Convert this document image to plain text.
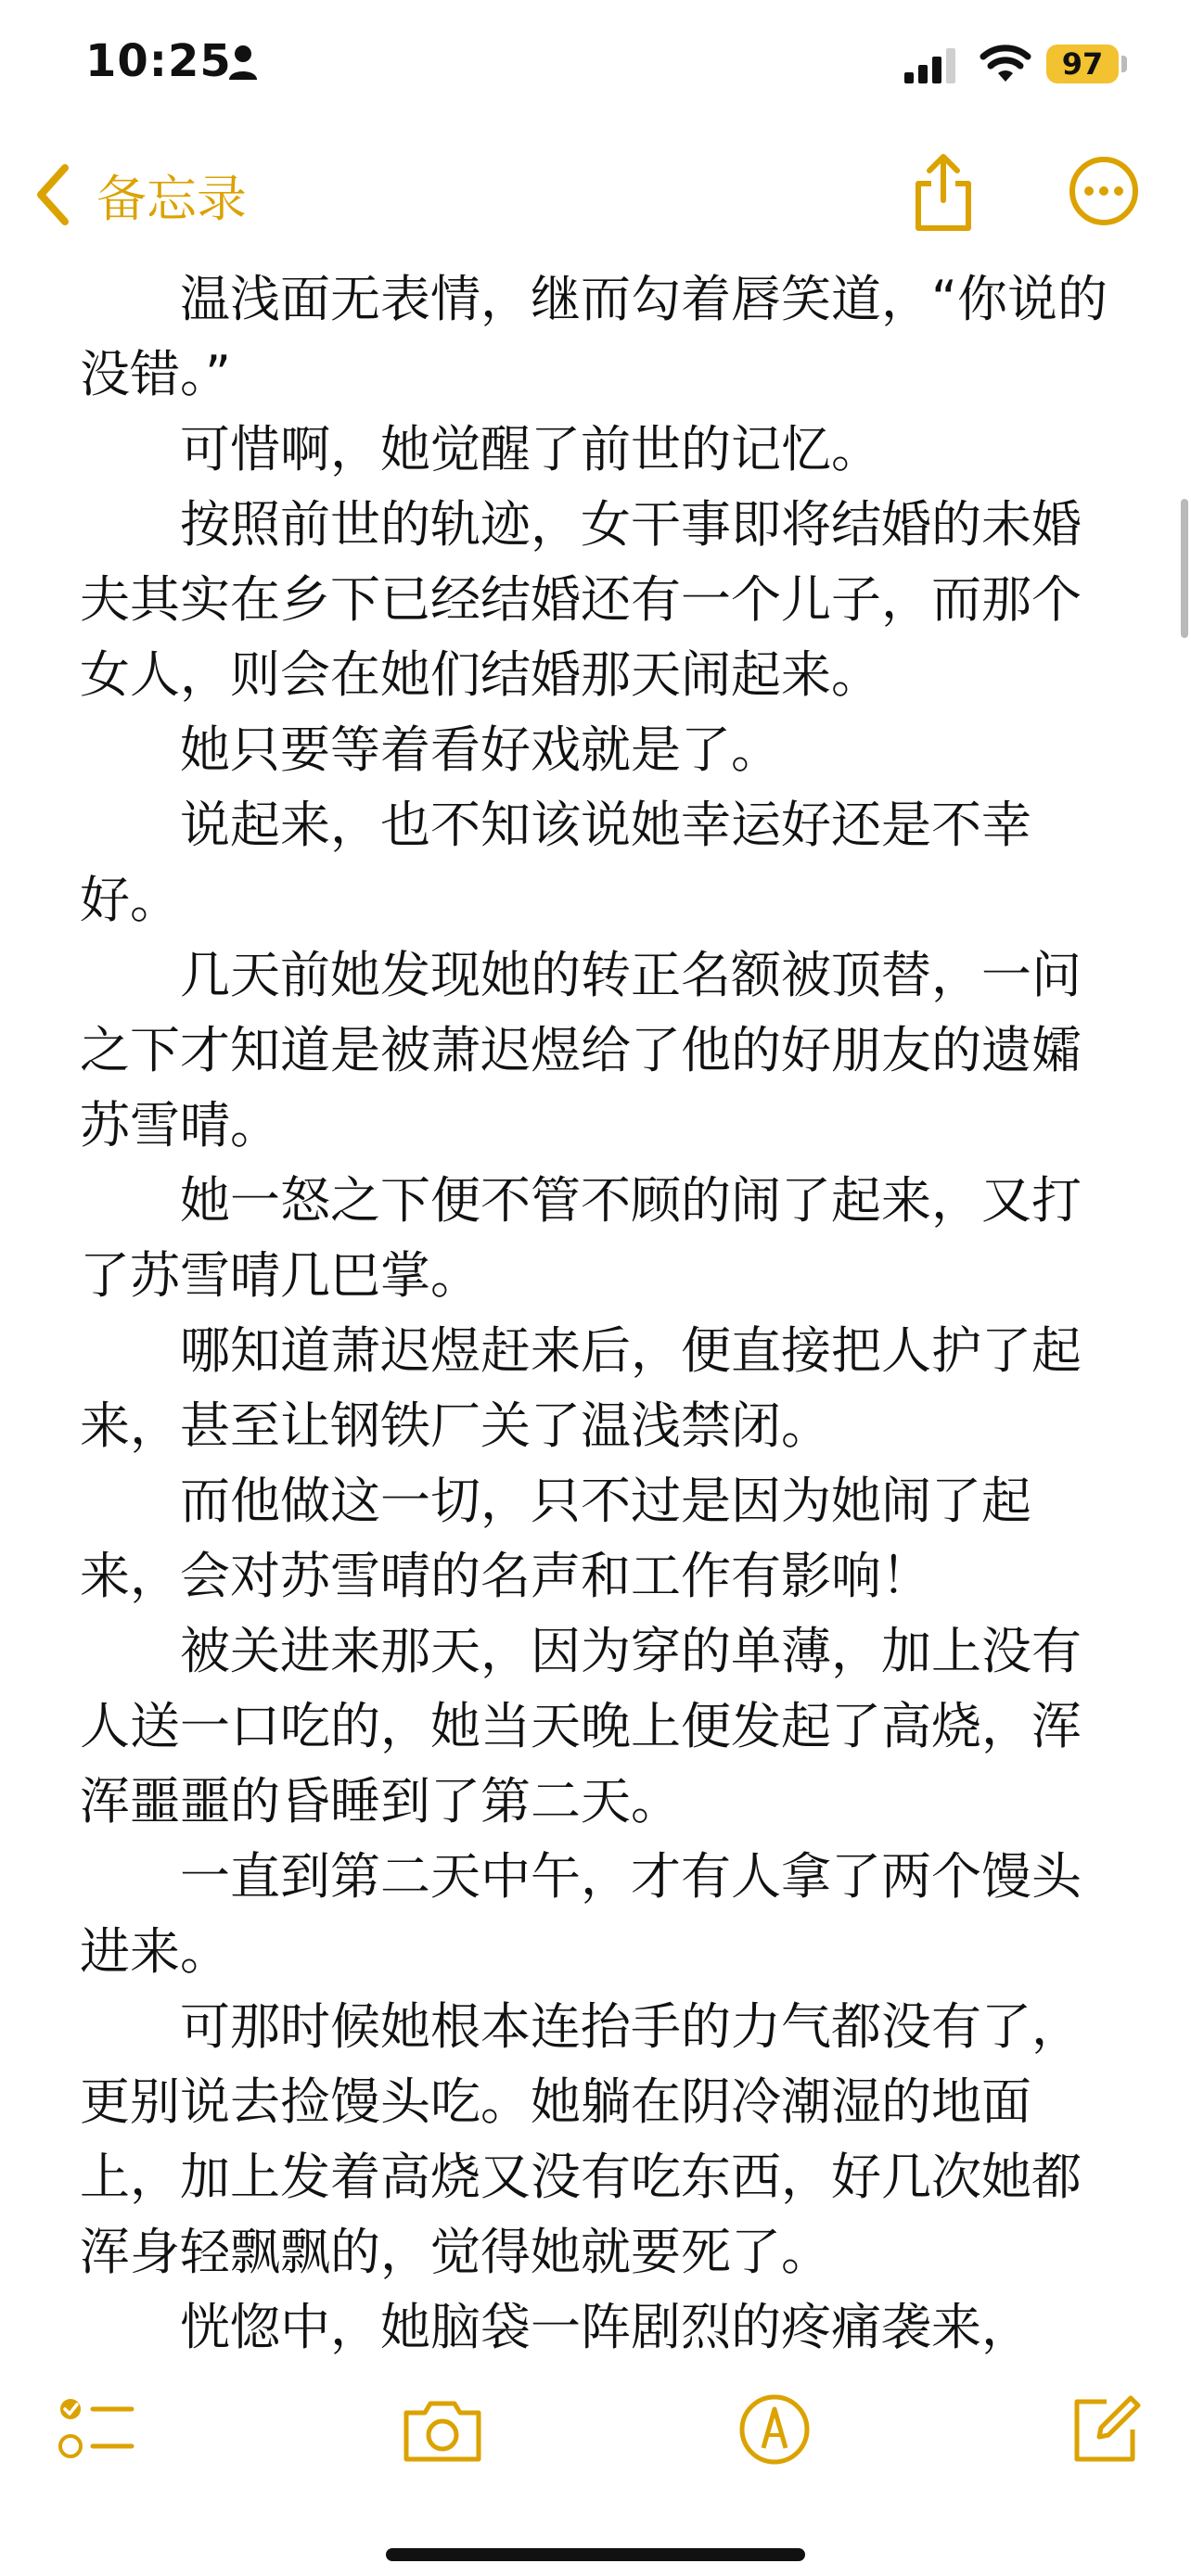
10:25	97
备忘录

温浅面无表情，继而勾着唇笑道，“你说的没错。”

可惜啊，她觉醒了前世的记忆。

按照前世的轨迹，女干事即将结婚的未婚夫其实在乡下已经结婚还有一个儿子，而那个女人，则会在她们结婚那天闹起来。

她只要等着看好戏就是了。

说起来，也不知该说她幸运好还是不幸好。

几天前她发现她的转正名额被顶替，一问之下才知道是被萧迟煜给了他的好朋友的遗孀苏雪晴。

她一怒之下便不管不顾的闹了起来，又打了苏雪晴几巴掌。

哪知道萧迟煜赶来后，便直接把人护了起来，甚至让钢铁厂关了温浅禁闭。

而他做这一切，只不过是因为她闹了起来，会对苏雪晴的名声和工作有影响！

被关进来那天，因为穿的单薄，加上没有人送一口吃的，她当天晚上便发起了高烧，浑浑噩噩的昏睡到了第二天。

一直到第二天中午，才有人拿了两个馒头进来。

可那时候她根本连抬手的力气都没有了，更别说去捡馒头吃。她躺在阴冷潮湿的地面上，加上发着高烧又没有吃东西，好几次她都浑身轻飘飘的，觉得她就要死了。

恍惚中，她脑袋一阵剧烈的疼痛袭来，
